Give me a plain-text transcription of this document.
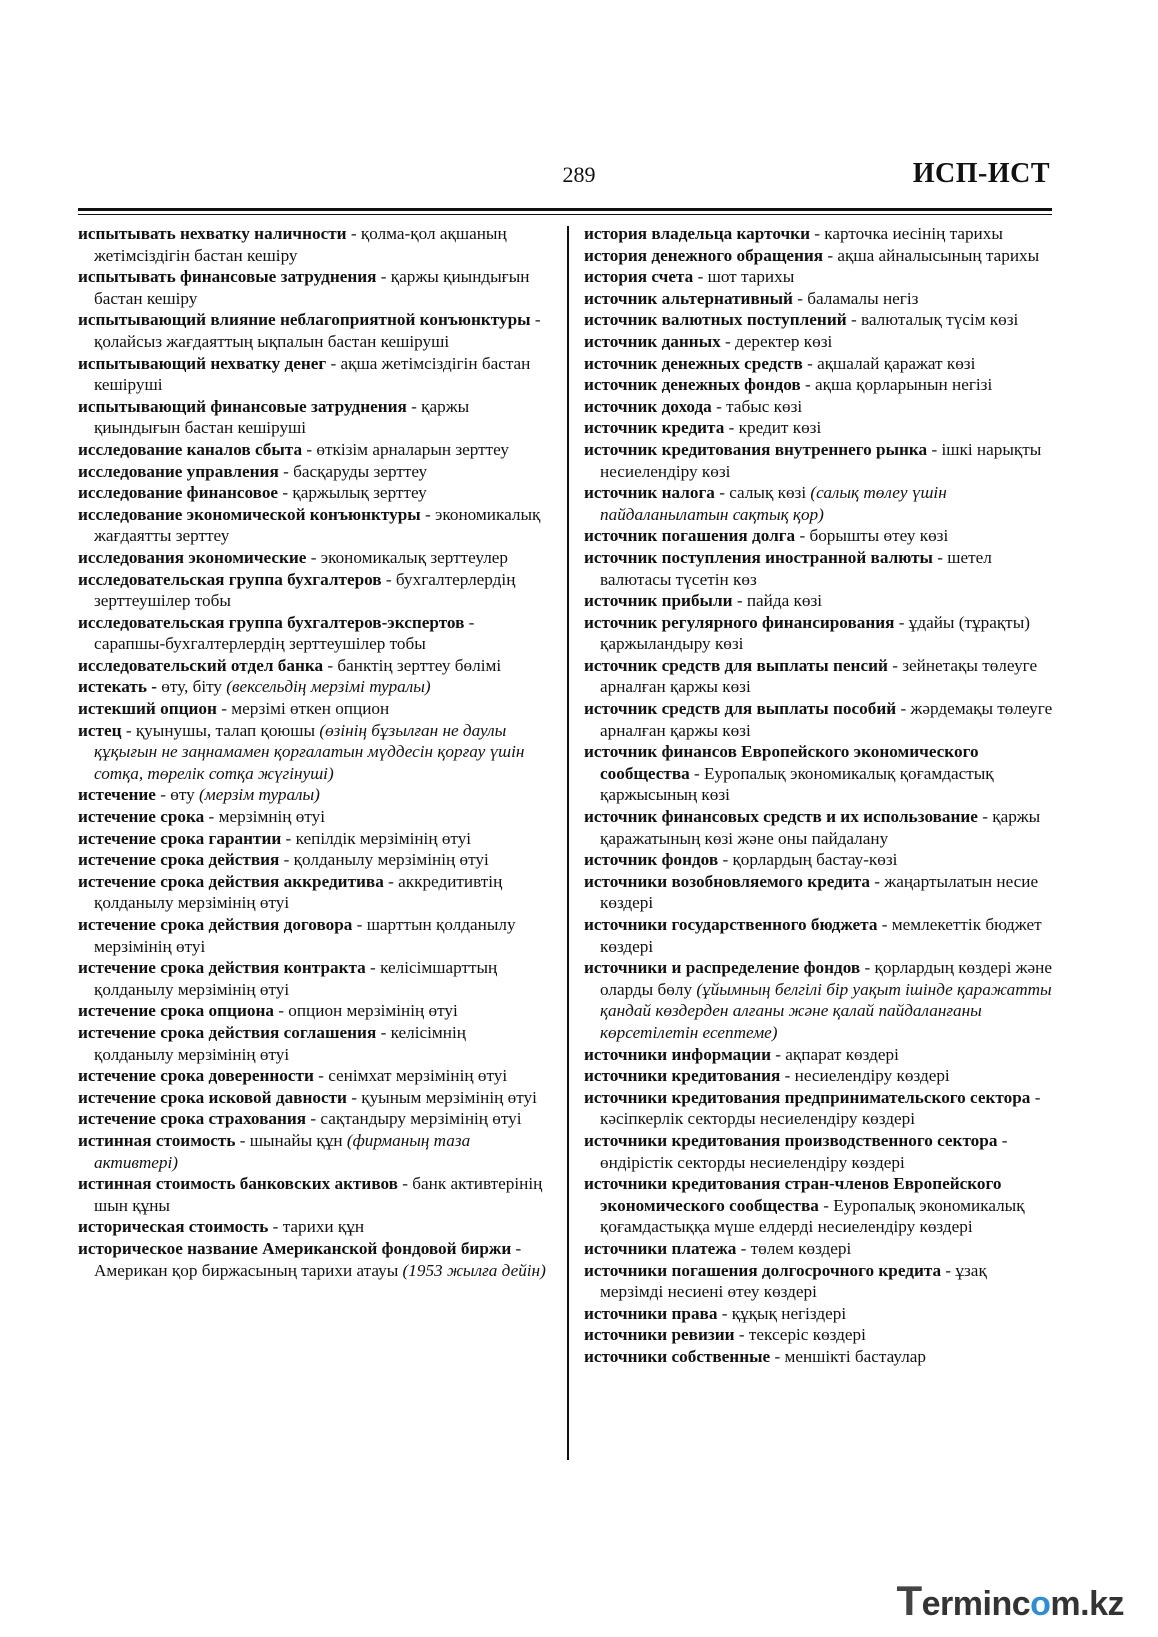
289	ИСП-ИСТ

испытывать нехватку наличности - қолма-қол ақшаның жетімсіздігін бастан кешіру

испытывать финансовые затруднения - қаржы қиындығын бастан кешіру

испытывающий влияние неблагоприятной конъюнктуры - қолайсыз жағдаяттың ықпалын бастан кешіруші

испытывающий нехватку денег - ақша жетімсіздігін бастан кешіруші

испытывающий финансовые затруднения - қаржы қиындығын бастан кешіруші

исследование каналов сбыта - өткізім арналарын зерттеу

исследование управления - басқаруды зерттеу

исследование финансовое - қаржылық зерттеу

исследование экономической конъюнктуры - экономикалық жағдаятты зерттеу

исследования экономические - экономикалық зерттеулер

исследовательская группа бухгалтеров - бухгалтерлердің зерттеушілер тобы

исследовательская группа бухгалтеров-экспертов - сарапшы-бухгалтерлердің зерттеушілер тобы

исследовательский отдел банка - банктің зерттеу бөлімі

истекать - өту, біту (вексельдің мерзімі туралы)

истекший опцион - мерзімі өткен опцион

истец - қуынушы, талап қоюшы (өзінің бұзылған не даулы құқығын не заңнамамен қорғалатын мүддесін қорғау үшін сотқа, төрелік сотқа жүгінуші)

истечение - өту (мерзім туралы)

истечение срока - мерзімнің өтуі

истечение срока гарантии - кепілдік мерзімінің өтуі

истечение срока действия - қолданылу мерзімінің өтуі

истечение срока действия аккредитива - аккредитивтің қолданылу мерзімінің өтуі

истечение срока действия договора - шарттын қолданылу мерзімінің өтуі

истечение срока действия контракта - келісімшарттың қолданылу мерзімінің өтуі

истечение срока опциона - опцион мерзімінің өтуі

истечение срока действия соглашения - келісімнің қолданылу мерзімінің өтуі

истечение срока доверенности - сенімхат мерзімінің өтуі

истечение срока исковой давности - қуыным мерзімінің өтуі

истечение срока страхования - сақтандыру мерзімінің өтуі

истинная стоимость - шынайы құн (фирманың таза активтері)

истинная стоимость банковских активов - банк активтерінің шын құны

историческая стоимость - тарихи құн

историческое название Американской фондовой биржи - Американ қор биржасының тарихи атауы (1953 жылға дейін)

история владельца карточки - карточка иесінің тарихы

история денежного обращения - ақша айналысының тарихы

история счета - шот тарихы

источник альтернативный - баламалы негіз

источник валютных поступлений - валюталық түсім көзі

источник данных - деректер көзі

источник денежных средств - ақшалай қаражат көзі

источник денежных фондов - ақша қорларынын негізі

источник дохода - табыс көзі

источник кредита - кредит көзі

источник кредитования внутреннего рынка - ішкі нарықты несиелендіру көзі

источник налога - салық көзі (салық төлеу үшін пайдаланылатын сақтық қор)

источник погашения долга - борышты өтеу көзі

источник поступления иностранной валюты - шетел валютасы түсетін көз

источник прибыли - пайда көзі

источник регулярного финансирования - ұдайы (тұрақты) қаржыландыру көзі

источник средств для выплаты пенсий - зейнетақы төлеуге арналған қаржы көзі

источник средств для выплаты пособий - жәрдемақы төлеуге арналған қаржы көзі

источник финансов Европейского экономического сообщества - Еуропалық экономикалық қоғамдастық қаржысының көзі

источник финансовых средств и их использование - қаржы қаражатының көзі және оны пайдалану

источник фондов - қорлардың бастау-көзі

источники возобновляемого кредита - жаңартылатын несие көздері

источники государственного бюджета - мемлекеттік бюджет көздері

источники и распределение фондов - қорлардың көздері және оларды бөлу (ұйымның белгілі бір уақыт ішінде қаражатты қандай көздерден алғаны және қалай пайдаланғаны көрсетілетін есептеме)

источники информации - ақпарат көздері

источники кредитования - несиелендіру көздері

источники кредитования предпринимательского сектора - кәсіпкерлік секторды несиелендіру көздері

источники кредитования производственного сектора - өндірістік секторды несиелендіру көздері

источники кредитования стран-членов Европейского экономического сообщества - Еуропалық экономикалық қоғамдастыққа мүше елдерді несиелендіру көздері

источники платежа - төлем көздері

источники погашения долгосрочного кредита - ұзақ мерзімді несиені өтеу көздері

источники права - құқық негіздері

источники ревизии - тексеріс көздері

источники собственные - меншікті бастаулар

Termincom.kz
